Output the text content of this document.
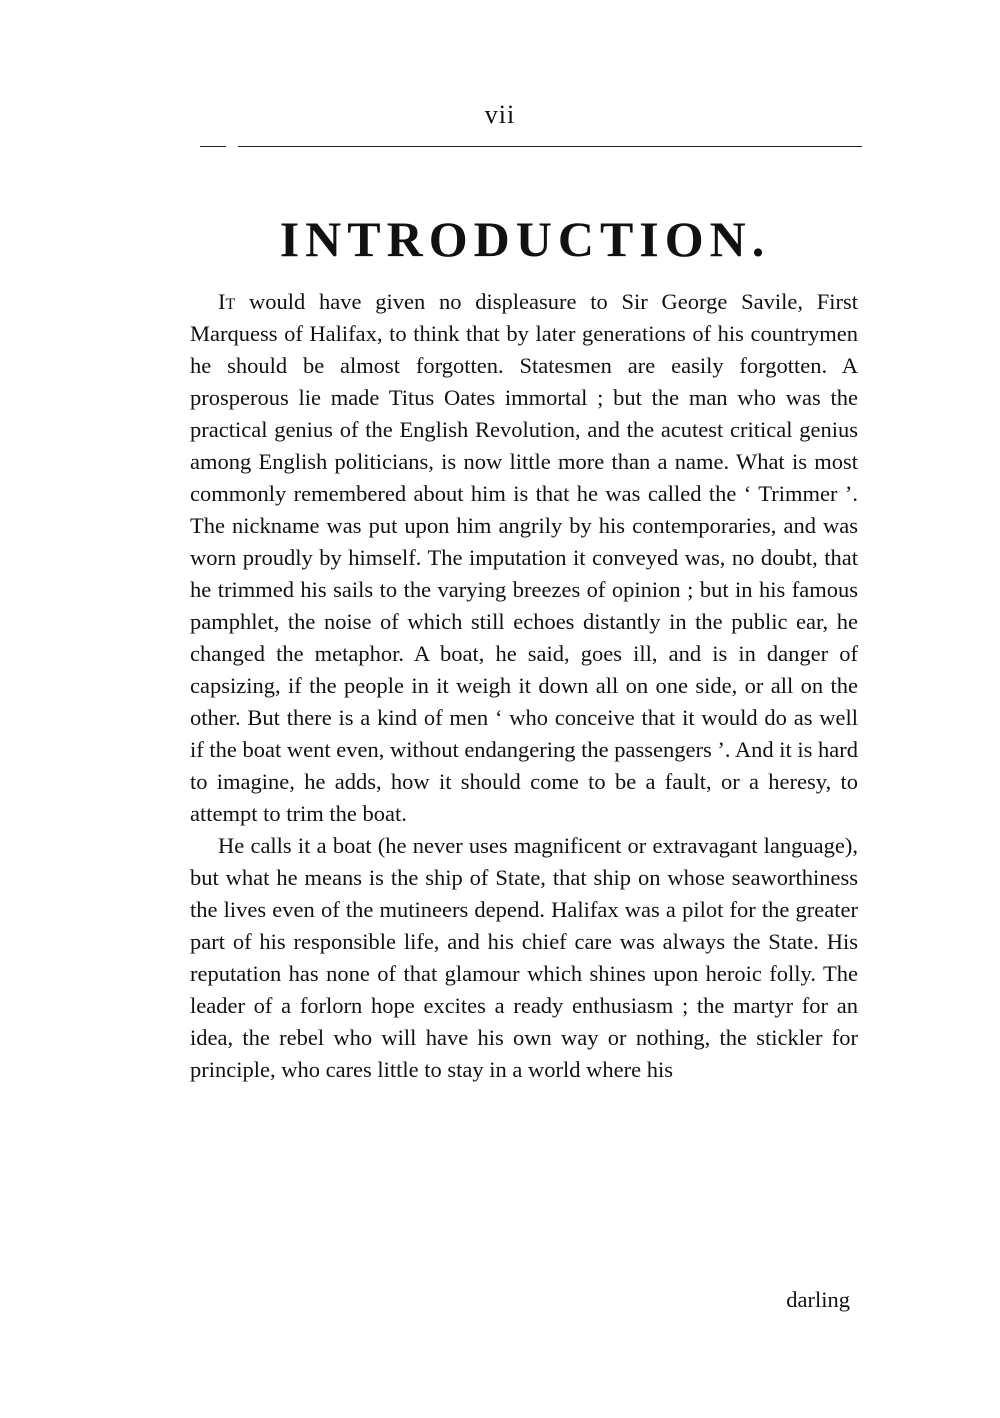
vii
INTRODUCTION.

It would have given no displeasure to Sir George Savile, First Marquess of Halifax, to think that by later generations of his countrymen he should be almost forgotten. Statesmen are easily forgotten. A prosperous lie made Titus Oates immortal ; but the man who was the practical genius of the English Revolution, and the acutest critical genius among English politicians, is now little more than a name. What is most commonly remembered about him is that he was called the ‘ Trimmer ’. The nickname was put upon him angrily by his contemporaries, and was worn proudly by himself. The imputation it conveyed was, no doubt, that he trimmed his sails to the varying breezes of opinion ; but in his famous pamphlet, the noise of which still echoes distantly in the public ear, he changed the metaphor. A boat, he said, goes ill, and is in danger of capsizing, if the people in it weigh it down all on one side, or all on the other. But there is a kind of men ‘ who conceive that it would do as well if the boat went even, without endangering the passengers ’. And it is hard to imagine, he adds, how it should come to be a fault, or a heresy, to attempt to trim the boat.

He calls it a boat (he never uses magnificent or extravagant language), but what he means is the ship of State, that ship on whose seaworthiness the lives even of the mutineers depend. Halifax was a pilot for the greater part of his responsible life, and his chief care was always the State. His reputation has none of that glamour which shines upon heroic folly. The leader of a forlorn hope excites a ready enthusiasm ; the martyr for an idea, the rebel who will have his own way or nothing, the stickler for principle, who cares little to stay in a world where his

darling
